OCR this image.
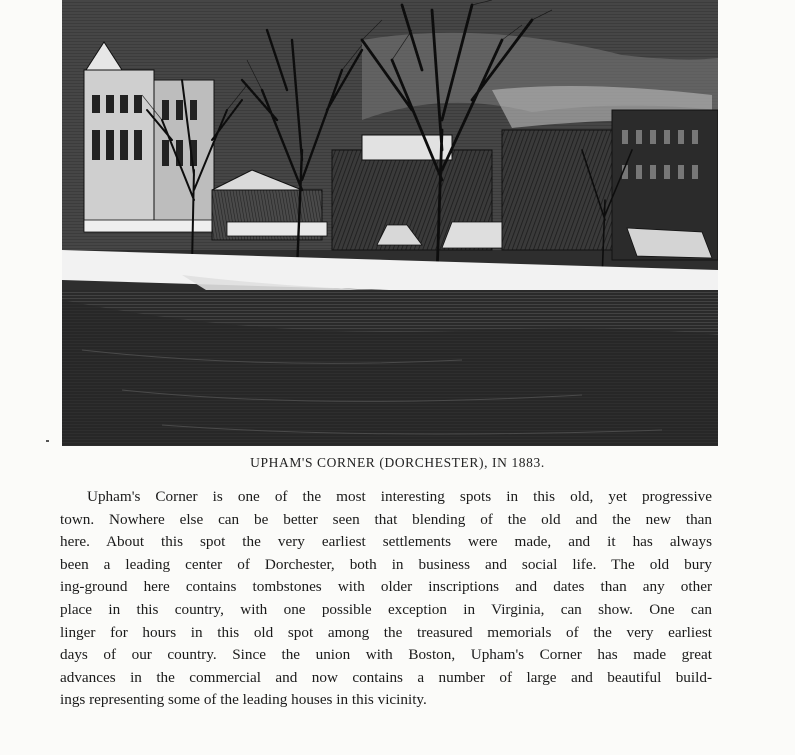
UPHAM'S CORNER (DORCHESTER), IN 1883.
Upham's Corner is one of the most interesting spots in this old, yet progressive
town. Nowhere else can be better seen that blending of the old and the new than
here. About this spot the very earliest settlements were made, and it has always
been a leading center of Dorchester, both in business and social life. The old bury
ing-ground here contains tombstones with older inscriptions and dates than any other
place in this country, with one possible exception in Virginia, can show. One can
linger for hours in this old spot among the treasured memorials of the very earliest
days of our country. Since the union with Boston, Upham's Corner has made great
advances in the commercial and now contains a number of large and beautiful build-
ings representing some of the leading houses in this vicinity.
